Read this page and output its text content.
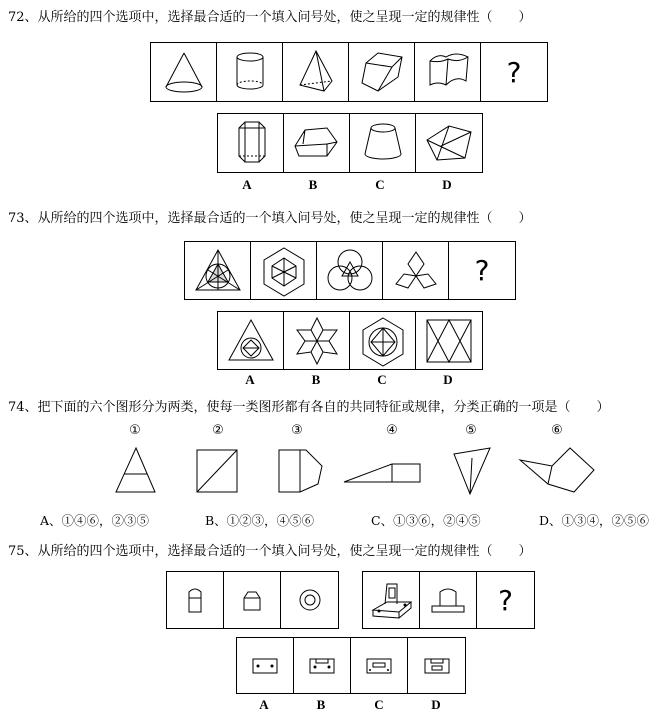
72、从所给的四个选项中，选择最合适的一个填入问号处，使之呈现一定的规律性（　　）
?
A	B	C	D
73、从所给的四个选项中，选择最合适的一个填入问号处，使之呈现一定的规律性（　　）
?
A	B	C	D
74、把下面的六个图形分为两类，使每一类图形都有各自的共同特征或规律，分类正确的一项是（　　）
①	②	③	④	⑤	⑥
A、①④⑥，②③⑤	B、①②③，④⑤⑥	C、①③⑥，②④⑤	D、①③④，②⑤⑥
75、从所给的四个选项中，选择最合适的一个填入问号处，使之呈现一定的规律性（　　）
?
A	B	C	D
